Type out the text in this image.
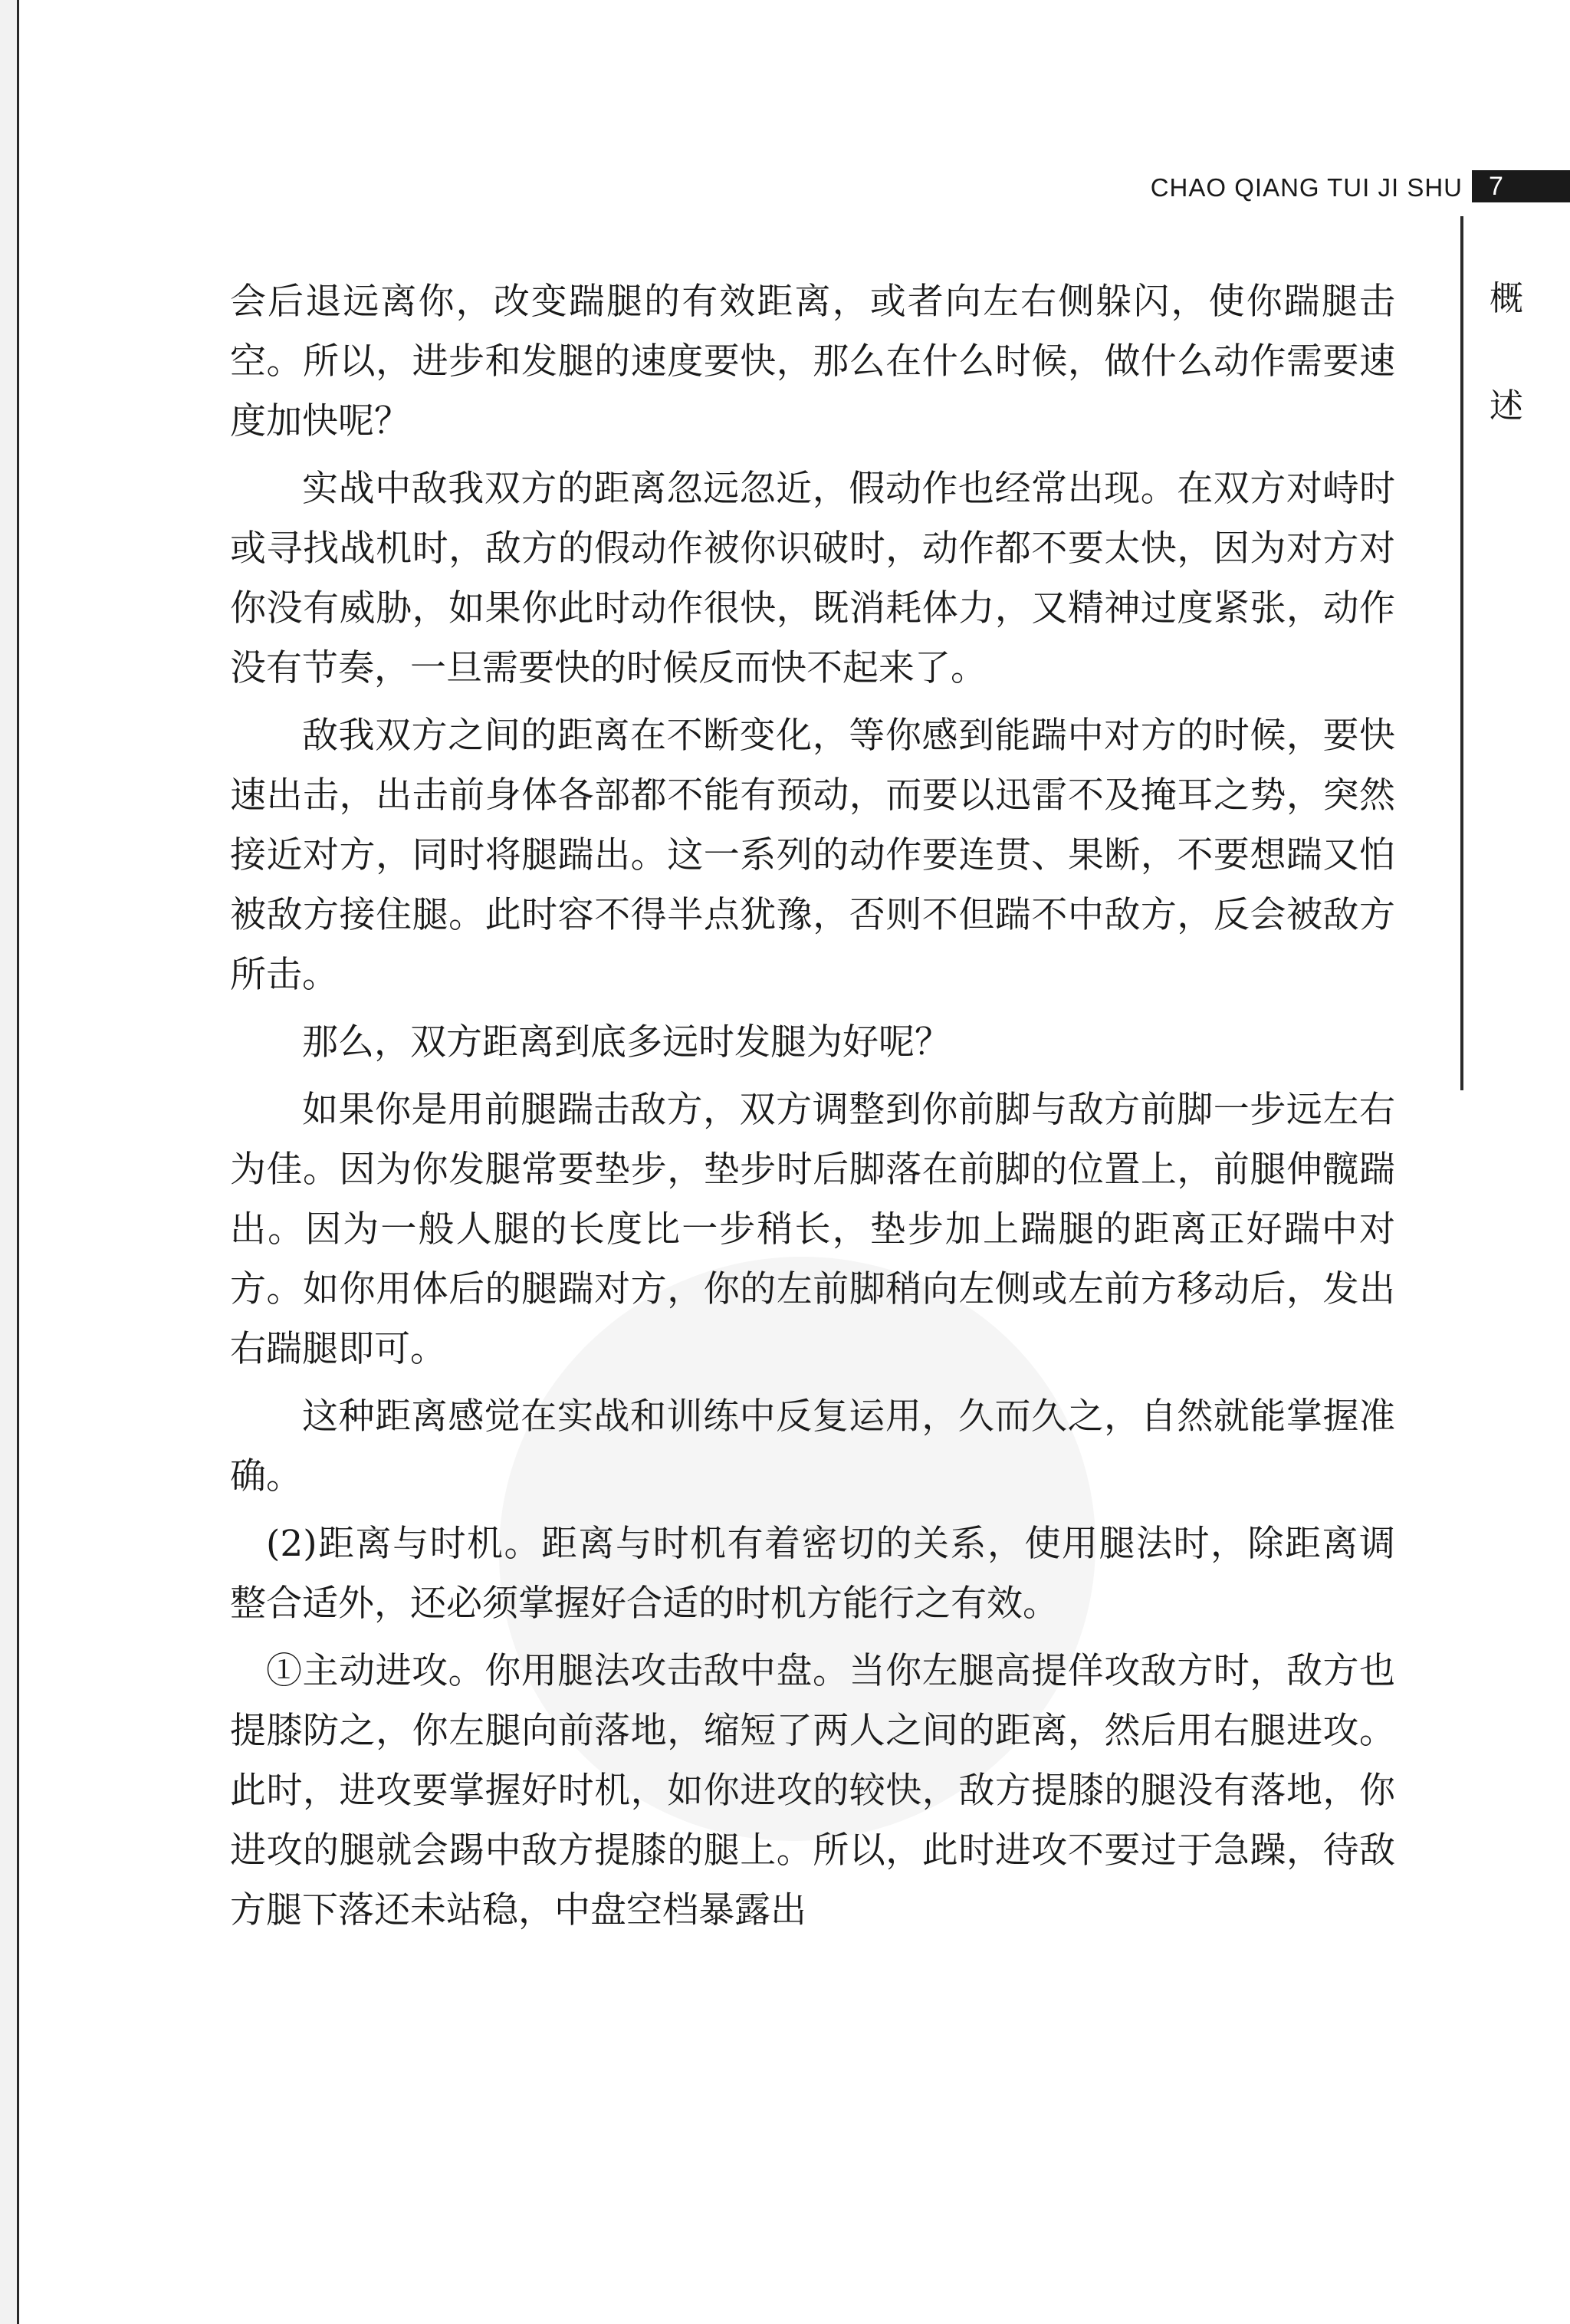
CHAO QIANG TUI JI SHU	7
概
述

会后退远离你，改变踹腿的有效距离，或者向左右侧躲闪，使你踹腿击空。所以，进步和发腿的速度要快，那么在什么时候，做什么动作需要速度加快呢？

实战中敌我双方的距离忽远忽近，假动作也经常出现。在双方对峙时或寻找战机时，敌方的假动作被你识破时，动作都不要太快，因为对方对你没有威胁，如果你此时动作很快，既消耗体力，又精神过度紧张，动作没有节奏，一旦需要快的时候反而快不起来了。

敌我双方之间的距离在不断变化，等你感到能踹中对方的时候，要快速出击，出击前身体各部都不能有预动，而要以迅雷不及掩耳之势，突然接近对方，同时将腿踹出。这一系列的动作要连贯、果断，不要想踹又怕被敌方接住腿。此时容不得半点犹豫，否则不但踹不中敌方，反会被敌方所击。

那么，双方距离到底多远时发腿为好呢？

如果你是用前腿踹击敌方，双方调整到你前脚与敌方前脚一步远左右为佳。因为你发腿常要垫步，垫步时后脚落在前脚的位置上，前腿伸髋踹出。因为一般人腿的长度比一步稍长，垫步加上踹腿的距离正好踹中对方。如你用体后的腿踹对方，你的左前脚稍向左侧或左前方移动后，发出右踹腿即可。

这种距离感觉在实战和训练中反复运用，久而久之，自然就能掌握准确。

(2)距离与时机。距离与时机有着密切的关系，使用腿法时，除距离调整合适外，还必须掌握好合适的时机方能行之有效。

①主动进攻。你用腿法攻击敌中盘。当你左腿高提佯攻敌方时，敌方也提膝防之，你左腿向前落地，缩短了两人之间的距离，然后用右腿进攻。此时，进攻要掌握好时机，如你进攻的较快，敌方提膝的腿没有落地，你进攻的腿就会踢中敌方提膝的腿上。所以，此时进攻不要过于急躁，待敌方腿下落还未站稳，中盘空档暴露出
